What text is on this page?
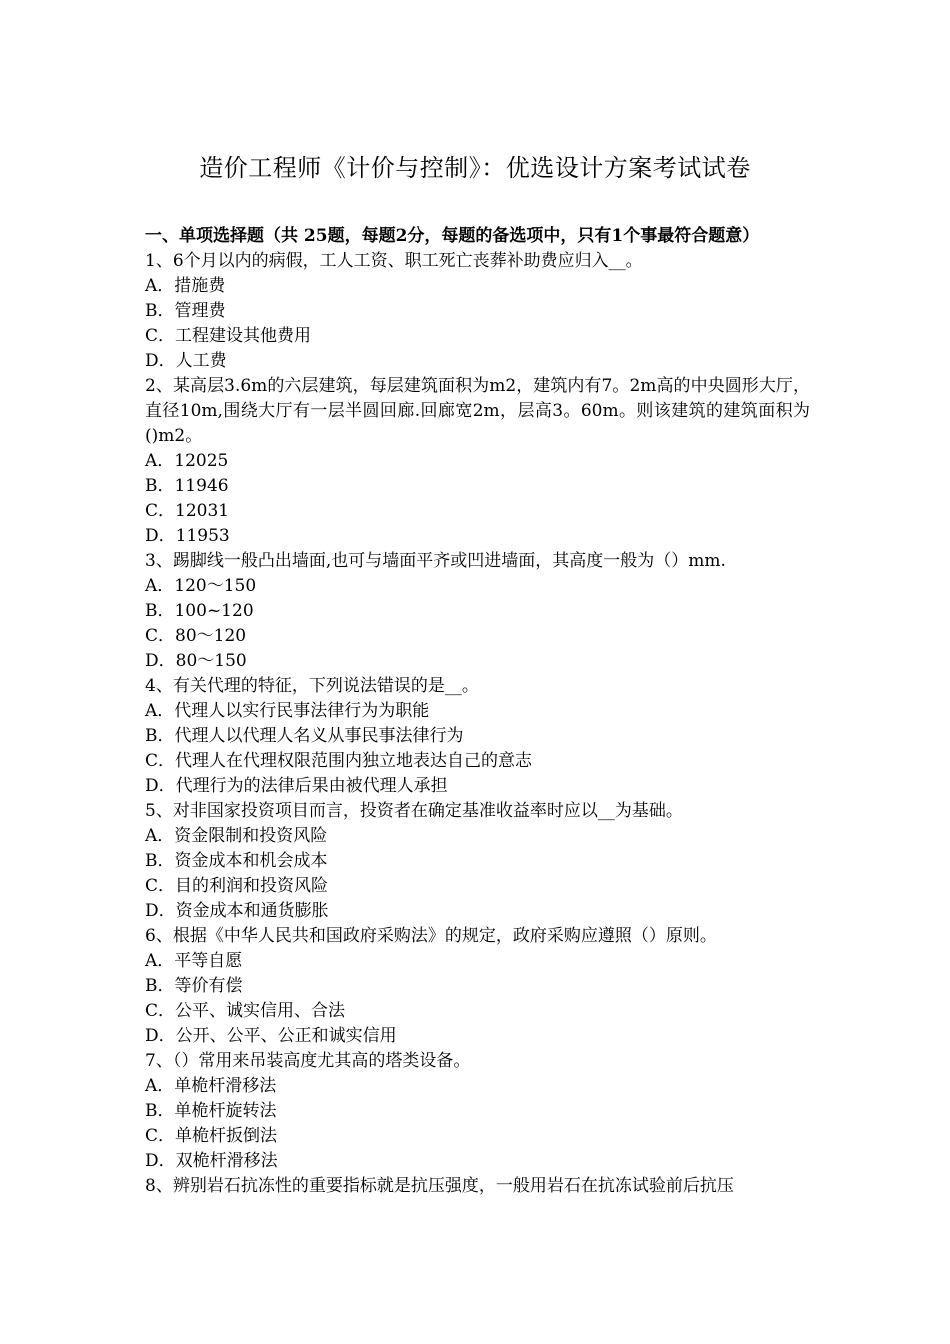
造价工程师《计价与控制》：优选设计方案考试试卷

一、单项选择题（共 25题，每题2分，每题的备选项中，只有1个事最符合题意）

1、6个月以内的病假，工人工资、职工死亡丧葬补助费应归入__。

A．措施费

B．管理费

C．工程建设其他费用

D．人工费

2、某高层3.6m的六层建筑，每层建筑面积为m2，建筑内有7。2m高的中央圆形大厅，直径10m,围绕大厅有一层半圆回廊.回廊宽2m，层高3。60m。则该建筑的建筑面积为()m2。

A．12025

B．11946

C．12031

D．11953

3、踢脚线一般凸出墙面,也可与墙面平齐或凹进墙面，其高度一般为（）mm.

A．120～150

B．100~120

C．80～120

D．80～150

4、有关代理的特征，下列说法错误的是__。

A．代理人以实行民事法律行为为职能

B．代理人以代理人名义从事民事法律行为

C．代理人在代理权限范围内独立地表达自己的意志

D．代理行为的法律后果由被代理人承担

5、对非国家投资项目而言，投资者在确定基准收益率时应以__为基础。

A．资金限制和投资风险

B．资金成本和机会成本

C．目的利润和投资风险

D．资金成本和通货膨胀

6、根据《中华人民共和国政府采购法》的规定，政府采购应遵照（）原则。

A．平等自愿

B．等价有偿

C．公平、诚实信用、合法

D．公开、公平、公正和诚实信用

7、（）常用来吊装高度尤其高的塔类设备。

A．单桅杆滑移法

B．单桅杆旋转法

C．单桅杆扳倒法

D．双桅杆滑移法

8、辨别岩石抗冻性的重要指标就是抗压强度，一般用岩石在抗冻试验前后抗压
